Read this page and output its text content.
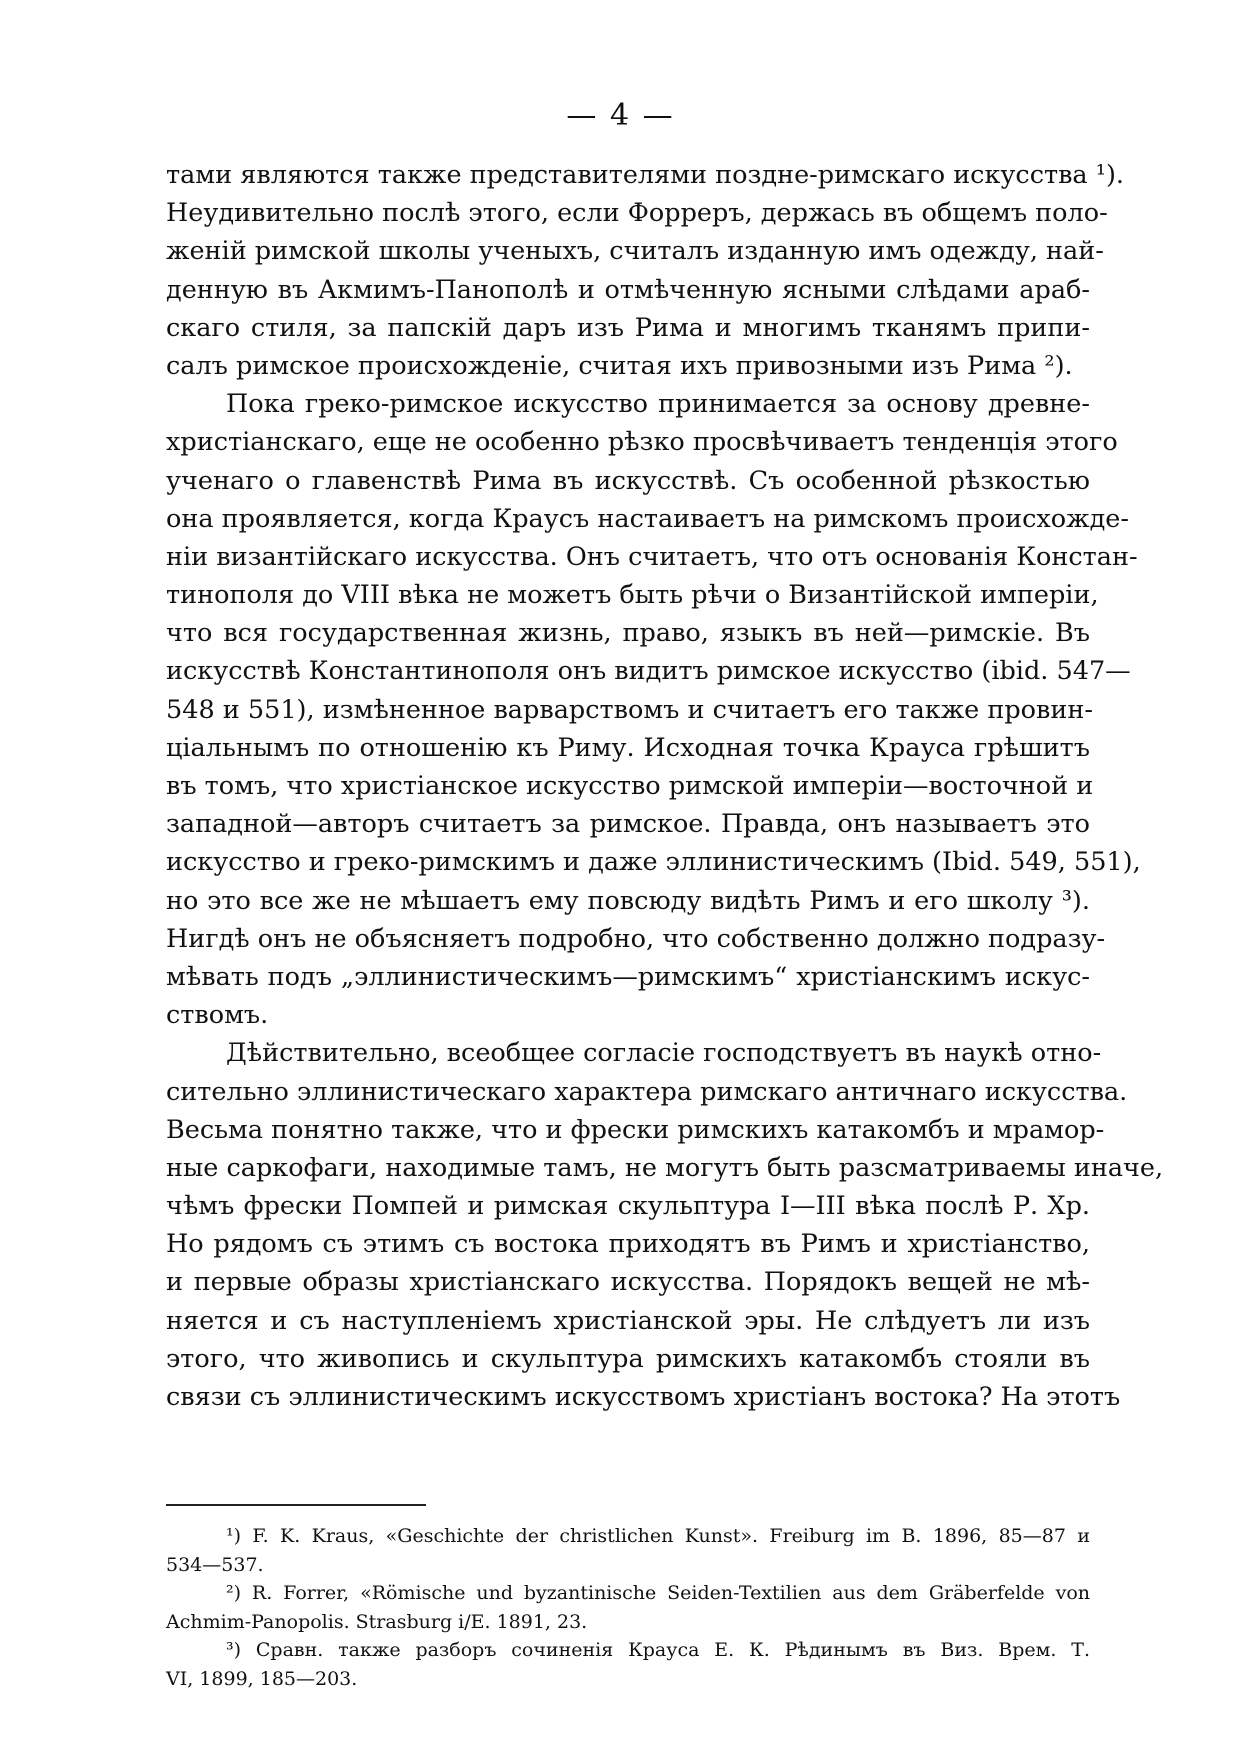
— 4 —
тами являются также представителями поздне-римскаго искусства ¹).
Неудивительно послѣ этого, если Форреръ, держась въ общемъ поло-
женій римской школы ученыхъ, считалъ изданную имъ одежду, най-
денную въ Акмимъ-Панополѣ и отмѣченную ясными слѣдами араб-
скаго стиля, за папскій даръ изъ Рима и многимъ тканямъ припи-
салъ римское происхожденіе, считая ихъ привозными изъ Рима ²).
Пока греко-римское искусство принимается за основу древне-
христіанскаго, еще не особенно рѣзко просвѣчиваетъ тенденція этого
ученаго о главенствѣ Рима въ искусствѣ. Съ особенной рѣзкостью
она проявляется, когда Краусъ настаиваетъ на римскомъ происхожде-
ніи византійскаго искусства. Онъ считаетъ, что отъ основанія Констан-
тинополя до VIII вѣка не можетъ быть рѣчи о Византійской имперіи,
что вся государственная жизнь, право, языкъ въ ней—римскіе. Въ
искусствѣ Константинополя онъ видитъ римское искусство (ibid. 547—
548 и 551), измѣненное варварствомъ и считаетъ его также провин-
ціальнымъ по отношенію къ Риму. Исходная точка Крауса грѣшитъ
въ томъ, что христіанское искусство римской имперіи—восточной и
западной—авторъ считаетъ за римское. Правда, онъ называетъ это
искусство и греко-римскимъ и даже эллинистическимъ (Ibid. 549, 551),
но это все же не мѣшаетъ ему повсюду видѣть Римъ и его школу ³).
Нигдѣ онъ не объясняетъ подробно, что собственно должно подразу-
мѣвать подъ „эллинистическимъ—римскимъ“ христіанскимъ искус-
ствомъ.
Дѣйствительно, всеобщее согласіе господствуетъ въ наукѣ отно-
сительно эллинистическаго характера римскаго античнаго искусства.
Весьма понятно также, что и фрески римскихъ катакомбъ и мрамор-
ные саркофаги, находимые тамъ, не могутъ быть разсматриваемы иначе,
чѣмъ фрески Помпей и римская скульптура I—III вѣка послѣ Р. Хр.
Но рядомъ съ этимъ съ востока приходятъ въ Римъ и христіанство,
и первые образы христіанскаго искусства. Порядокъ вещей не мѣ-
няется и съ наступленіемъ христіанской эры. Не слѣдуетъ ли изъ
этого, что живопись и скульптура римскихъ катакомбъ стояли въ
связи съ эллинистическимъ искусствомъ христіанъ востока? На этотъ
¹) F. K. Kraus, «Geschichte der christlichen Kunst». Freiburg im B. 1896, 85—87 и
534—537.
²) R. Forrer, «Römische und byzantinische Seiden-Textilien aus dem Gräberfelde von
Achmim-Panopolis. Strasburg i/E. 1891, 23.
³) Сравн. также разборъ сочиненія Крауса Е. К. Рѣдинымъ въ Виз. Врем. Т.
VI, 1899, 185—203.
